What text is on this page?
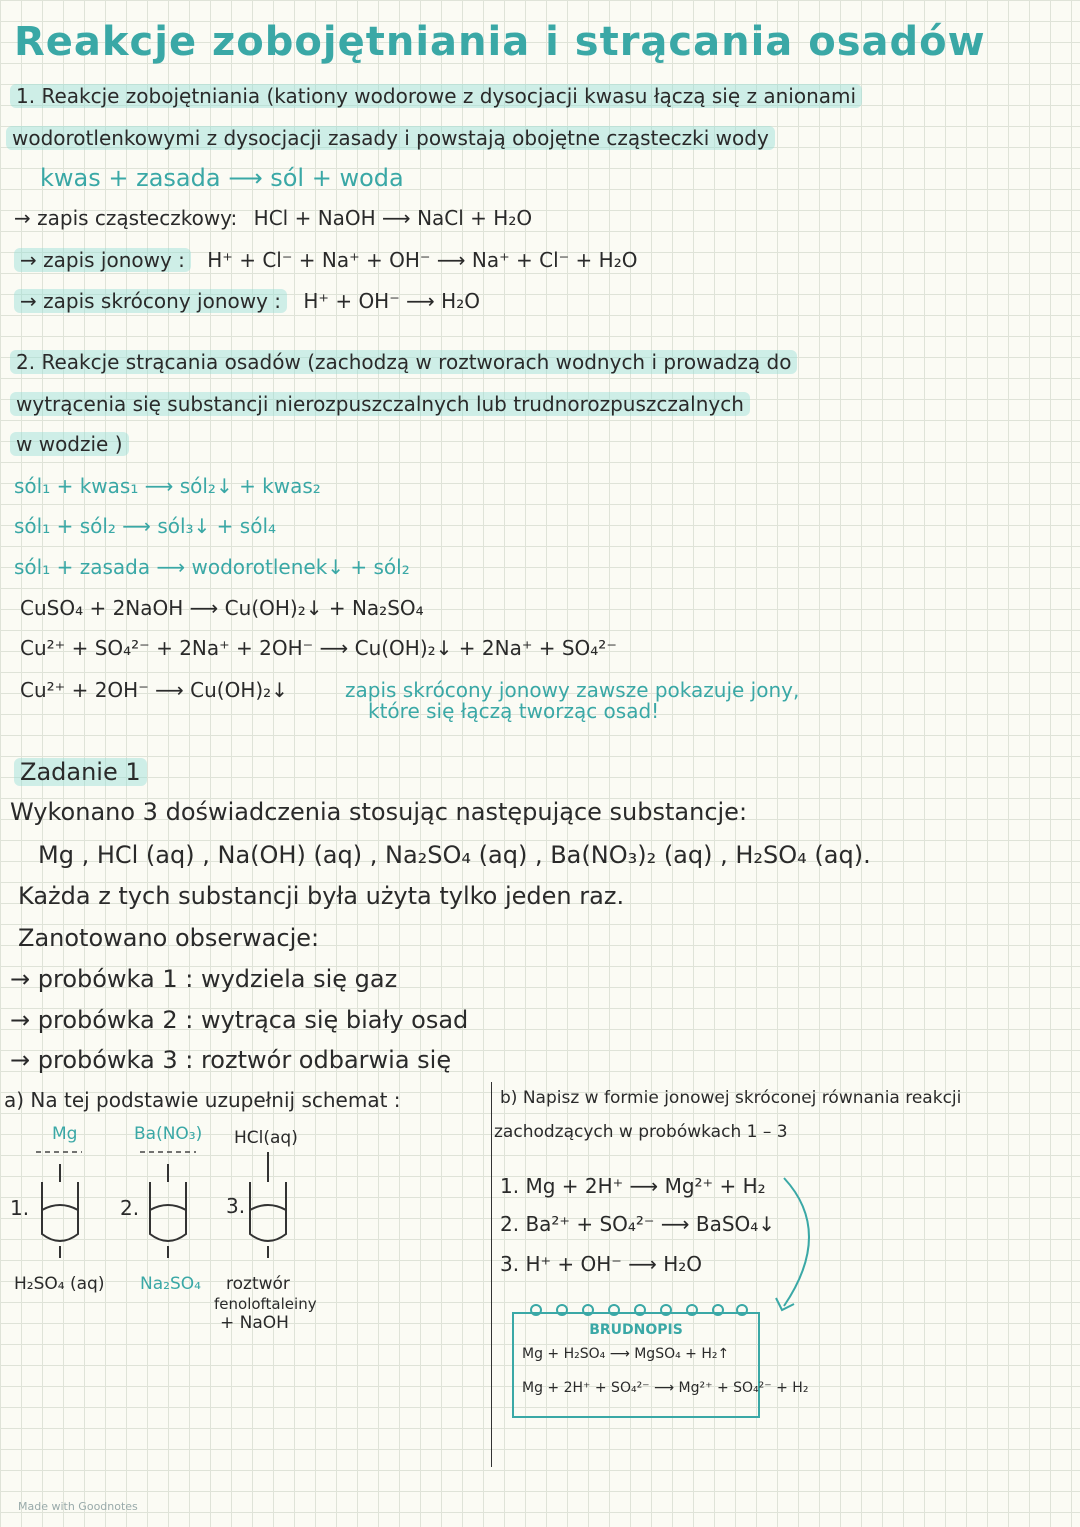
Reakcje zobojętniania i strącania osadów
1. Reakcje zobojętniania (kationy wodorowe z dysocjacji kwasu łączą się z anionami
wodorotlenkowymi z dysocjacji zasady i powstają obojętne cząsteczki wody
kwas + zasada ⟶ sól + woda
→ zapis cząsteczkowy: HCl + NaOH ⟶ NaCl + H₂O
→ zapis jonowy : H⁺ + Cl⁻ + Na⁺ + OH⁻ ⟶ Na⁺ + Cl⁻ + H₂O
→ zapis skrócony jonowy : H⁺ + OH⁻ ⟶ H₂O
2. Reakcje strącania osadów (zachodzą w roztworach wodnych i prowadzą do
wytrącenia się substancji nierozpuszczalnych lub trudnorozpuszczalnych
w wodzie )
sól₁ + kwas₁ ⟶ sól₂↓ + kwas₂
sól₁ + sól₂ ⟶ sól₃↓ + sól₄
sól₁ + zasada ⟶ wodorotlenek↓ + sól₂
CuSO₄ + 2NaOH ⟶ Cu(OH)₂↓ + Na₂SO₄
Cu²⁺ + SO₄²⁻ + 2Na⁺ + 2OH⁻ ⟶ Cu(OH)₂↓ + 2Na⁺ + SO₄²⁻
Cu²⁺ + 2OH⁻ ⟶ Cu(OH)₂↓	zapis skrócony jonowy zawsze pokazuje jony,
które się łączą tworząc osad!
Zadanie 1
Wykonano 3 doświadczenia stosując następujące substancje:
Mg , HCl (aq) , Na(OH) (aq) , Na₂SO₄ (aq) , Ba(NO₃)₂ (aq) , H₂SO₄ (aq).
Każda z tych substancji była użyta tylko jeden raz.
Zanotowano obserwacje:
→ probówka 1 : wydziela się gaz
→ probówka 2 : wytrąca się biały osad
→ probówka 3 : roztwór odbarwia się
a) Na tej podstawie uzupełnij schemat :
Mg
1.
H₂SO₄ (aq)
Ba(NO₃)
2.
Na₂SO₄
HCl(aq)
3.
roztwór
fenoloftaleiny
+ NaOH
b) Napisz w formie jonowej skróconej równania reakcji
zachodzących w probówkach 1 – 3
1. Mg + 2H⁺ ⟶ Mg²⁺ + H₂
2. Ba²⁺ + SO₄²⁻ ⟶ BaSO₄↓
3. H⁺ + OH⁻ ⟶ H₂O
BRUDNOPIS
Mg + H₂SO₄ ⟶ MgSO₄ + H₂↑
Mg + 2H⁺ + SO₄²⁻ ⟶ Mg²⁺ + SO₄²⁻ + H₂
Made with Goodnotes
